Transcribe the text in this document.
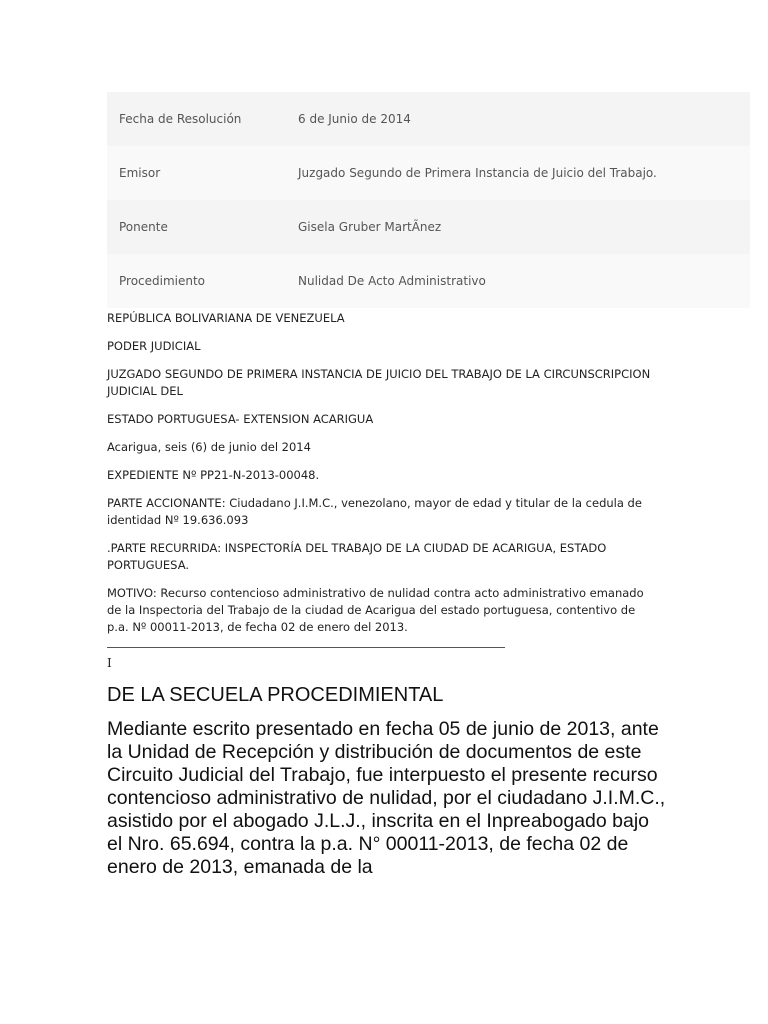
Fecha de Resolución	6 de Junio de 2014
Emisor	Juzgado Segundo de Primera Instancia de Juicio del Trabajo.
Ponente	Gisela Gruber MartÃnez
Procedimiento	Nulidad De Acto Administrativo

REPÚBLICA BOLIVARIANA DE VENEZUELA

PODER JUDICIAL

JUZGADO SEGUNDO DE PRIMERA INSTANCIA DE JUICIO DEL TRABAJO DE LA CIRCUNSCRIPCION JUDICIAL DEL

ESTADO PORTUGUESA- EXTENSION ACARIGUA

Acarigua, seis (6) de junio del 2014

EXPEDIENTE Nº PP21-N-2013-00048.

PARTE ACCIONANTE: Ciudadano J.I.M.C., venezolano, mayor de edad y titular de la cedula de identidad Nº 19.636.093

.PARTE RECURRIDA: INSPECTORÍA DEL TRABAJO DE LA CIUDAD DE ACARIGUA, ESTADO PORTUGUESA.

MOTIVO: Recurso contencioso administrativo de nulidad contra acto administrativo emanado de la Inspectoria del Trabajo de la ciudad de Acarigua del estado portuguesa, contentivo de p.a. Nº 00011-2013, de fecha 02 de enero del 2013.

I

DE LA SECUELA PROCEDIMIENTAL

Mediante escrito presentado en fecha 05 de junio de 2013, ante la Unidad de Recepción y distribución de documentos de este Circuito Judicial del Trabajo, fue interpuesto el presente recurso contencioso administrativo de nulidad, por el ciudadano J.I.M.C., asistido por el abogado J.L.J., inscrita en el Inpreabogado bajo el Nro. 65.694, contra la p.a. N° 00011-2013, de fecha 02 de enero de 2013, emanada de la
